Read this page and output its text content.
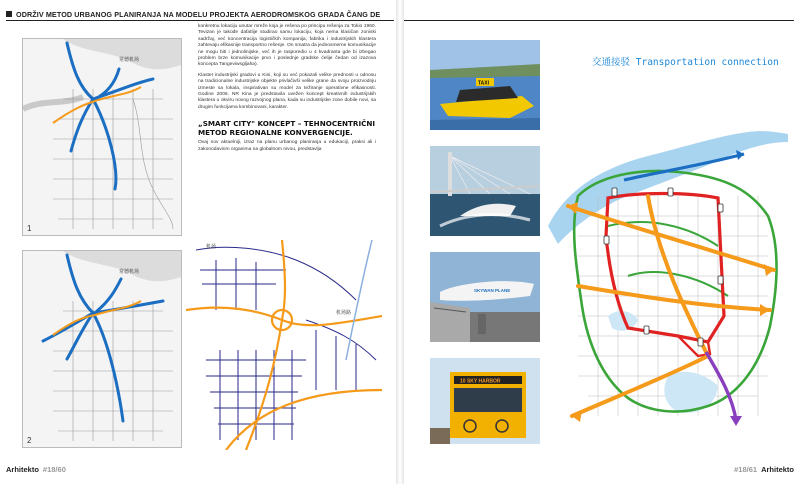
ODRŽIV METOD URBANOG PLANIRANJA NA MODELU PROJEKTA AERODROMSKOG GRADA ČANG DE
常德机场
1
常德机场
2
机场
机场路

konkretnu lokaciju unutar mreže koja je rešena po principu rešenja za Tokio 1960. Tevizan je takođe dafatlije studirao samu lokaciju, koja nema klasičan zoniski sadržaj, već koncentracija logističkih kompanija, fabrika i industrijskih klastera zahtevaju efikasnije transportno rešenje. On smatra da jednosmerne komunikacije ne mogu biti i jednolinijske, već ih je rasporedio u 4 kvadranta gde bi izbegao problem brze komunikacije prvo i poslednje gradske ćelije čedan od izazova koncepta Tangeviwsgljaha).

Klaster industrijski gradovi u Kini, koji su već pokazali velike prednosti u odnosu na tradicionalne industrijske objekte privlačivši velike grane da svoju proizvodnju izmeste sa lokala, inspirativan su model za težiranje operativne efikasnosti. Godine 2006. NR Kina je predstavila uvežen koncept kreativnih industrijskih klastera u okviru novog razvojnog plana, kada su industrijske zone dobile novi, sa drugim funkcijama kombinovani, karakter.

„SMART CITY" KONCEPT – TEHNOCENTRIČNI METOD REGIONALNE KONVERGENCIJE.

Ovaj nov aktuelniji, izraz na planu urbanog planiranja u edukaciji, praksi ali i zakonodavnim organima na globalnom nivou, predstavlja

Arhitekto #18/60
TAXI
SKYWAN PLANE
10 SKY HARBOR
交通接驳 Transportation connection
#18/61 Arhitekto
